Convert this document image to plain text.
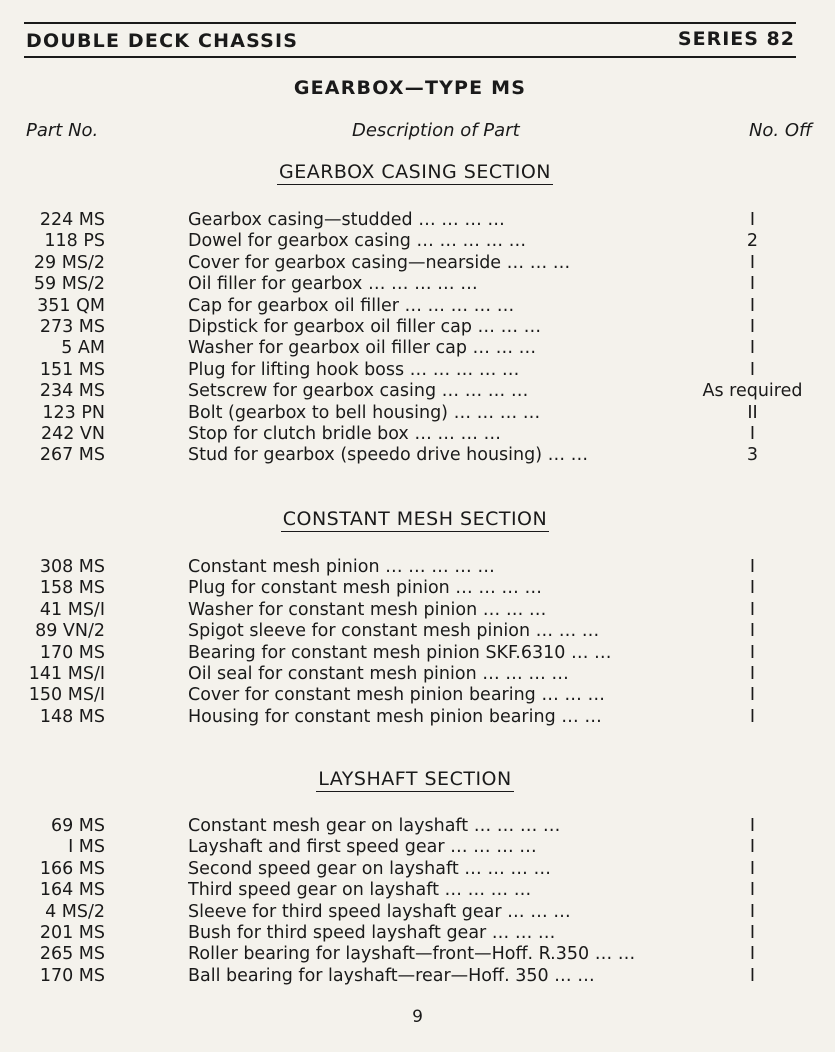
DOUBLE DECK CHASSIS	SERIES 82
GEARBOX—TYPE MS
Part No.	Description of Part	No. Off
GEARBOX CASING SECTION
224 MS	Gearbox casing—studded … … … …	I
118 PS	Dowel for gearbox casing … … … … …	2
29 MS/2	Cover for gearbox casing—nearside … … …	I
59 MS/2	Oil filler for gearbox … … … … …	I
351 QM	Cap for gearbox oil filler … … … … …	I
273 MS	Dipstick for gearbox oil filler cap … … …	I
5 AM	Washer for gearbox oil filler cap … … …	I
151 MS	Plug for lifting hook boss … … … … …	I
234 MS	Setscrew for gearbox casing … … … …	As required
123 PN	Bolt (gearbox to bell housing) … … … …	II
242 VN	Stop for clutch bridle box … … … …	I
267 MS	Stud for gearbox (speedo drive housing) … …	3
CONSTANT MESH SECTION
308 MS	Constant mesh pinion … … … … …	I
158 MS	Plug for constant mesh pinion … … … …	I
41 MS/I	Washer for constant mesh pinion … … …	I
89 VN/2	Spigot sleeve for constant mesh pinion … … …	I
170 MS	Bearing for constant mesh pinion SKF.6310 … …	I
141 MS/I	Oil seal for constant mesh pinion … … … …	I
150 MS/I	Cover for constant mesh pinion bearing … … …	I
148 MS	Housing for constant mesh pinion bearing … …	I
LAYSHAFT SECTION
69 MS	Constant mesh gear on layshaft … … … …	I
I MS	Layshaft and first speed gear … … … …	I
166 MS	Second speed gear on layshaft … … … …	I
164 MS	Third speed gear on layshaft … … … …	I
4 MS/2	Sleeve for third speed layshaft gear … … …	I
201 MS	Bush for third speed layshaft gear … … …	I
265 MS	Roller bearing for layshaft—front—Hoff. R.350 … …	I
170 MS	Ball bearing for layshaft—rear—Hoff. 350 … …	I
9
